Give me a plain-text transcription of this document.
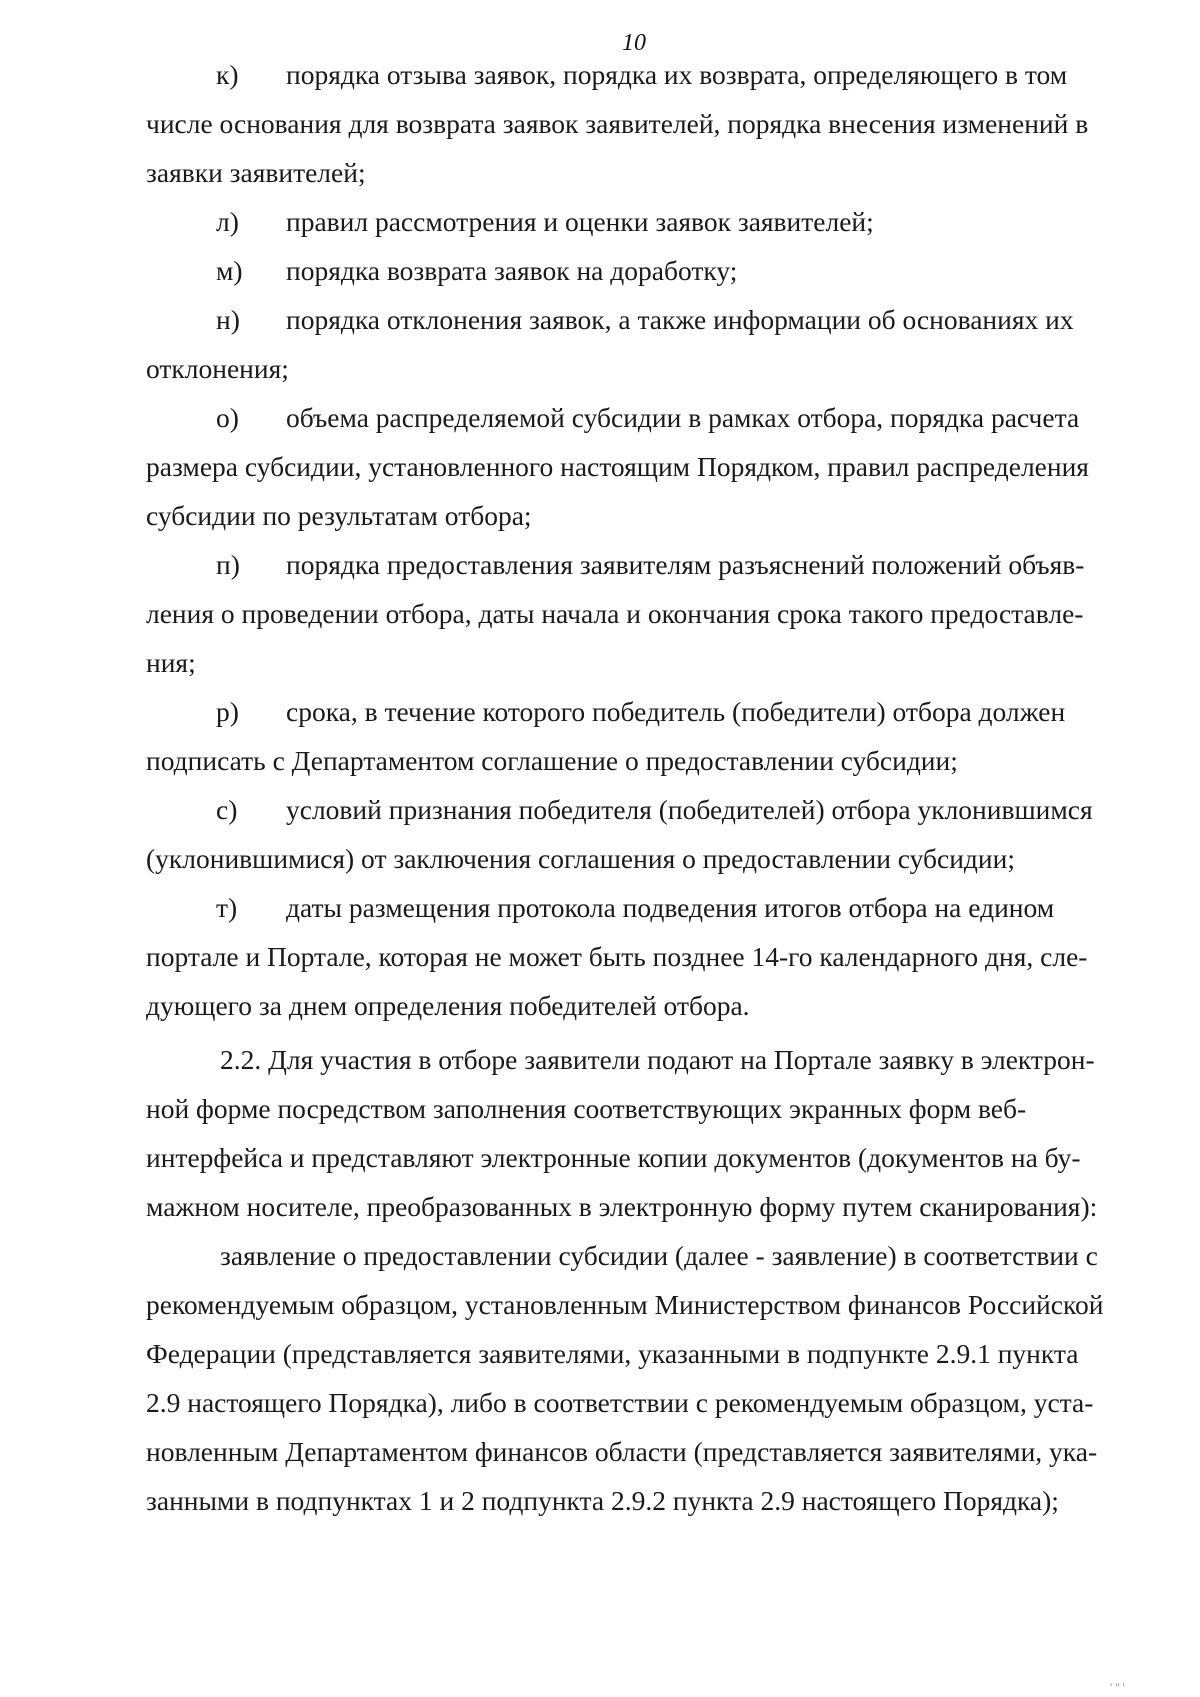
10

к)	порядка отзыва заявок, порядка их возврата, определяющего в том

числе основания для возврата заявок заявителей, порядка внесения изменений в

заявки заявителей;

л)	правил рассмотрения и оценки заявок заявителей;

м)	порядка возврата заявок на доработку;

н)	порядка отклонения заявок, а также информации об основаниях их

отклонения;

о)	объема распределяемой субсидии в рамках отбора, порядка расчета

размера субсидии, установленного настоящим Порядком, правил распределения

субсидии по результатам отбора;

п)	порядка предоставления заявителям разъяснений положений объяв-

ления о проведении отбора, даты начала и окончания срока такого предоставле-

ния;

р)	срока, в течение которого победитель (победители) отбора должен

подписать с Департаментом соглашение о предоставлении субсидии;

с)	условий признания победителя (победителей) отбора уклонившимся

(уклонившимися) от заключения соглашения о предоставлении субсидии;

т)	даты размещения протокола подведения итогов отбора на едином

портале и Портале, которая не может быть позднее 14-го календарного дня, сле-

дующего за днем определения победителей отбора.

2.2. Для участия в отборе заявители подают на Портале заявку в электрон-

ной форме посредством заполнения соответствующих экранных форм веб-

интерфейса и представляют электронные копии документов (документов на бу-

мажном носителе, преобразованных в электронную форму путем сканирования):

заявление о предоставлении субсидии (далее - заявление) в соответствии с

рекомендуемым образцом, установленным Министерством финансов Российской

Федерации (представляется заявителями, указанными в подпункте 2.9.1 пункта

2.9 настоящего Порядка), либо в соответствии с рекомендуемым образцом, уста-

новленным Департаментом финансов области (представляется заявителями, ука-

занными в подпунктах 1 и 2 подпункта 2.9.2 пункта 2.9 настоящего Порядка);

' '' '
